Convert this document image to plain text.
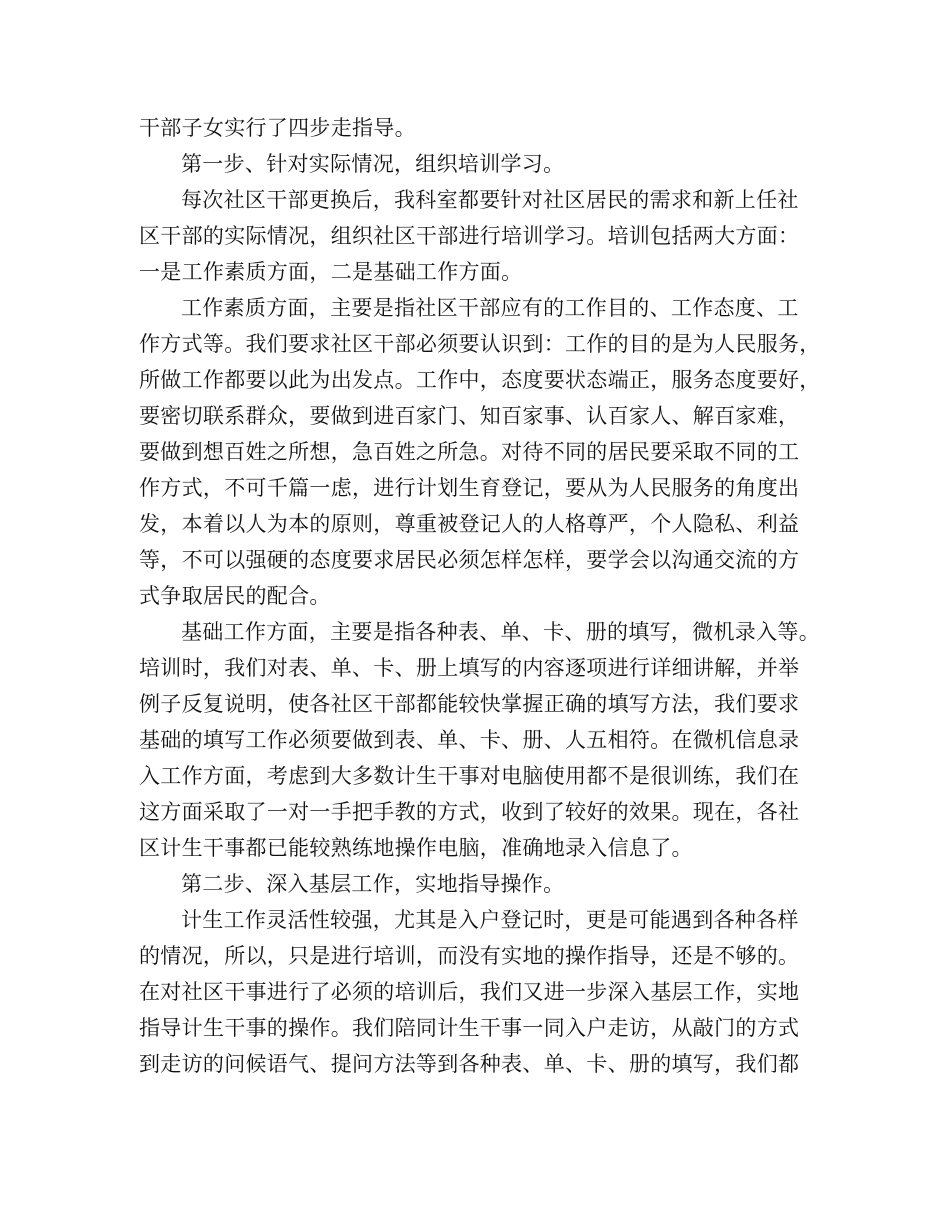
干部子女实行了四步走指导。
第一步、针对实际情况，组织培训学习。
每次社区干部更换后，我科室都要针对社区居民的需求和新上任社
区干部的实际情况，组织社区干部进行培训学习。培训包括两大方面：
一是工作素质方面，二是基础工作方面。
工作素质方面，主要是指社区干部应有的工作目的、工作态度、工
作方式等。我们要求社区干部必须要认识到：工作的目的是为人民服务，
所做工作都要以此为出发点。工作中，态度要状态端正，服务态度要好，
要密切联系群众，要做到进百家门、知百家事、认百家人、解百家难，
要做到想百姓之所想，急百姓之所急。对待不同的居民要采取不同的工
作方式，不可千篇一虑，进行计划生育登记，要从为人民服务的角度出
发，本着以人为本的原则，尊重被登记人的人格尊严，个人隐私、利益
等，不可以强硬的态度要求居民必须怎样怎样，要学会以沟通交流的方
式争取居民的配合。
基础工作方面，主要是指各种表、单、卡、册的填写，微机录入等。
培训时，我们对表、单、卡、册上填写的内容逐项进行详细讲解，并举
例子反复说明，使各社区干部都能较快掌握正确的填写方法，我们要求
基础的填写工作必须要做到表、单、卡、册、人五相符。在微机信息录
入工作方面，考虑到大多数计生干事对电脑使用都不是很训练，我们在
这方面采取了一对一手把手教的方式，收到了较好的效果。现在，各社
区计生干事都已能较熟练地操作电脑，准确地录入信息了。
第二步、深入基层工作，实地指导操作。
计生工作灵活性较强，尤其是入户登记时，更是可能遇到各种各样
的情况，所以，只是进行培训，而没有实地的操作指导，还是不够的。
在对社区干事进行了必须的培训后，我们又进一步深入基层工作，实地
指导计生干事的操作。我们陪同计生干事一同入户走访，从敲门的方式
到走访的问候语气、提问方法等到各种表、单、卡、册的填写，我们都
